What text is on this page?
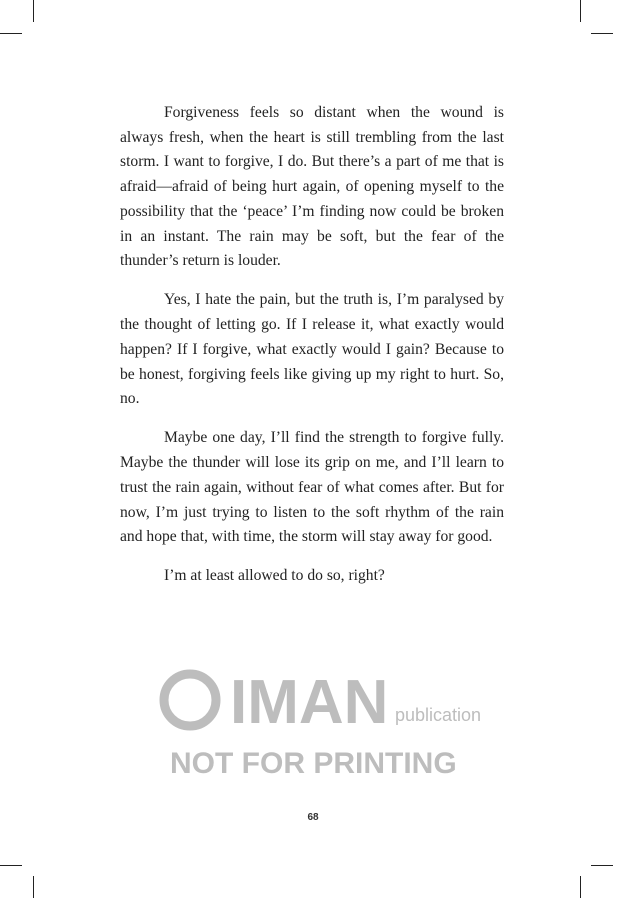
Forgiveness feels so distant when the wound is always fresh, when the heart is still trembling from the last storm. I want to forgive, I do. But there’s a part of me that is afraid—afraid of being hurt again, of opening myself to the possibility that the ‘peace’ I’m finding now could be broken in an instant. The rain may be soft, but the fear of the thunder’s return is louder.

Yes, I hate the pain, but the truth is, I’m paralysed by the thought of letting go. If I release it, what exactly would happen? If I forgive, what exactly would I gain? Because to be honest, forgiving feels like giving up my right to hurt. So, no.

Maybe one day, I’ll find the strength to forgive fully. Maybe the thunder will lose its grip on me, and I’ll learn to trust the rain again, without fear of what comes after. But for now, I’m just trying to listen to the soft rhythm of the rain and hope that, with time, the storm will stay away for good.

I’m at least allowed to do so, right?

IMAN publication
NOT FOR PRINTING
68
